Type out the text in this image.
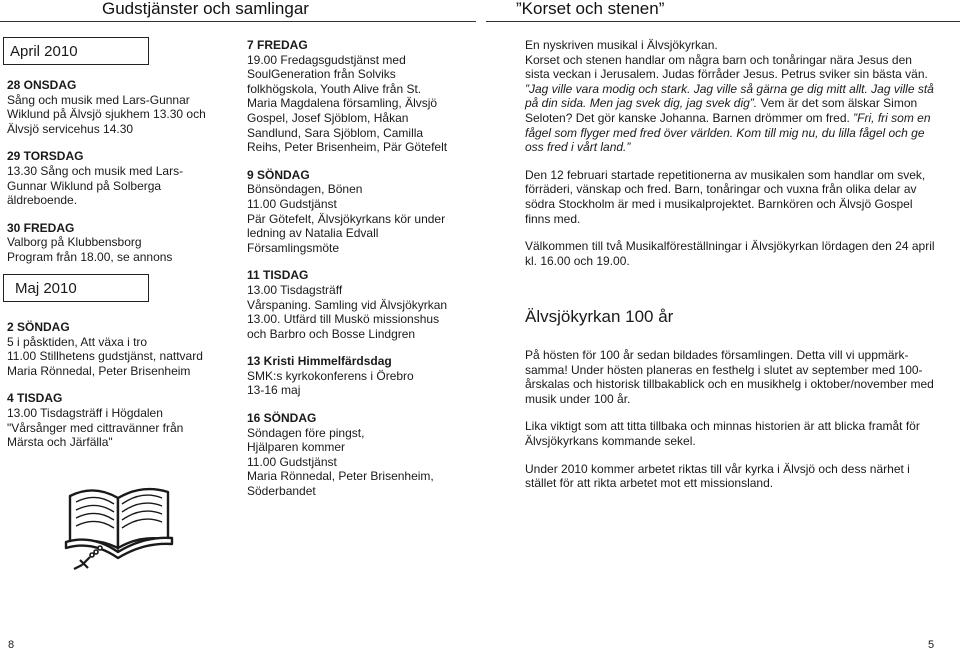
Gudstjänster och samlingar	”Korset och stenen”
April 2010

28 ONSDAG

Sång och musik med Lars-Gunnar

Wiklund på Älvsjö sjukhem 13.30 och

Älvsjö servicehus 14.30

29 TORSDAG

13.30 Sång och musik med Lars-

Gunnar Wiklund på Solberga

äldreboende.

30 FREDAG

Valborg på Klubbensborg

Program från 18.00, se annons

Maj 2010

2 SÖNDAG

5 i påsktiden, Att växa i tro

11.00 Stillhetens gudstjänst, nattvard

Maria Rönnedal, Peter Brisenheim

4 TISDAG

13.00 Tisdagsträff i Högdalen

"Vårsånger med cittravänner från

Märsta och Järfälla"

7 FREDAG

19.00 Fredagsgudstjänst med

SoulGeneration från Solviks

folkhögskola, Youth Alive från St.

Maria Magdalena församling, Älvsjö

Gospel, Josef Sjöblom, Håkan

Sandlund, Sara Sjöblom, Camilla

Reihs, Peter Brisenheim, Pär Götefelt

9 SÖNDAG

Bönsöndagen, Bönen

11.00 Gudstjänst

Pär Götefelt, Älvsjökyrkans kör under

ledning av Natalia Edvall

Församlingsmöte

11 TISDAG

13.00 Tisdagsträff

Vårspaning. Samling vid Älvsjökyrkan

13.00. Utfärd till Muskö missionshus

och Barbro och Bosse Lindgren

13 Kristi Himmelfärdsdag

SMK:s kyrkokonferens i Örebro

13-16 maj

16 SÖNDAG

Söndagen före pingst,

Hjälparen kommer

11.00 Gudstjänst

Maria Rönnedal, Peter Brisenheim,

Söderbandet

En nyskriven musikal i Älvsjökyrkan.

Korset och stenen handlar om några barn och tonåringar nära Jesus den

sista veckan i Jerusalem. Judas förråder Jesus. Petrus sviker sin bästa vän.

”Jag ville vara modig och stark. Jag ville så gärna ge dig mitt allt. Jag ville stå

på din sida. Men jag svek dig, jag svek dig”. Vem är det som älskar Simon

Seloten? Det gör kanske Johanna. Barnen drömmer om fred. ”Fri, fri som en

fågel som flyger med fred över världen. Kom till mig nu, du lilla fågel och ge

oss fred i vårt land.”

Den 12 februari startade repetitionerna av musikalen som handlar om svek,

förräderi, vänskap och fred. Barn, tonåringar och vuxna från olika delar av

södra Stockholm är med i musikalprojektet. Barnkören och Älvsjö Gospel

finns med.

Välkommen till två Musikalföreställningar i Älvsjökyrkan lördagen den 24 april

kl. 16.00 och 19.00.

Älvsjökyrkan 100 år

På hösten för 100 år sedan bildades församlingen. Detta vill vi uppmärk-

samma! Under hösten planeras en festhelg i slutet av september med 100-

årskalas och historisk tillbakablick och en musikhelg i oktober/november med

musik under 100 år.

Lika viktigt som att titta tillbaka och minnas historien är att blicka framåt för

Älvsjökyrkans kommande sekel.

Under 2010 kommer arbetet riktas till vår kyrka i Älvsjö och dess närhet i

stället för att rikta arbetet mot ett missionsland.

8	5
